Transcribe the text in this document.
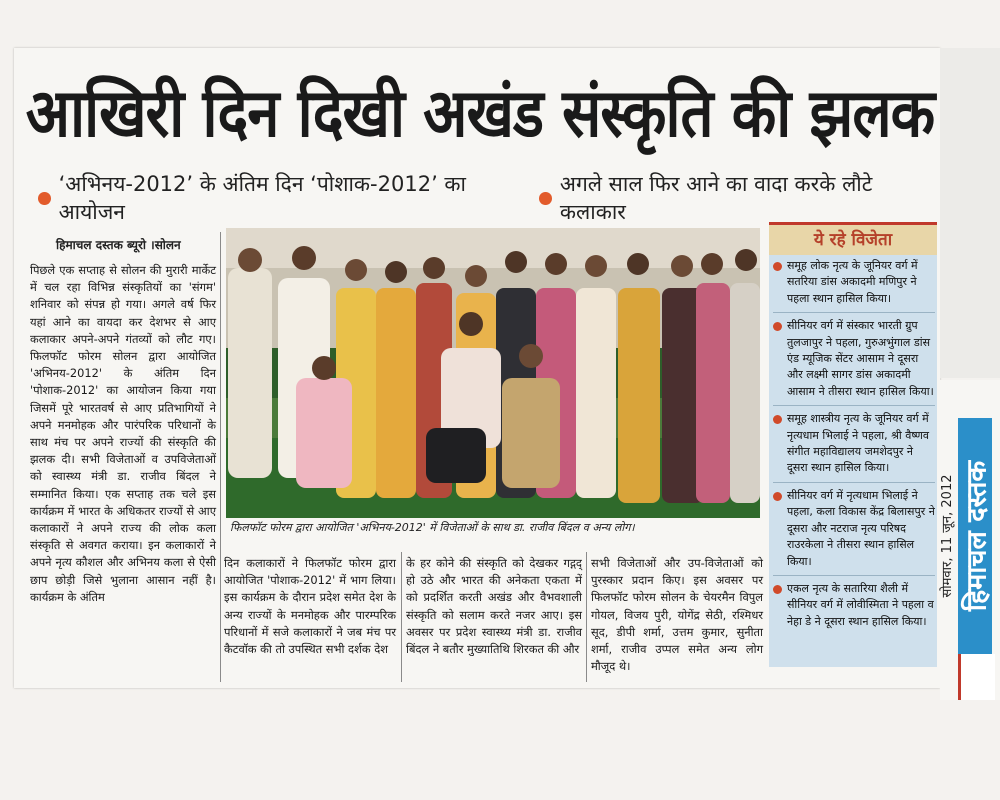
आखिरी दिन दिखी अखंड संस्कृति की झलक
‘अभिनय-2012’ के अंतिम दिन ‘पोशाक-2012’ का आयोजन
अगले साल फिर आने का वादा करके लौटे कलाकार
हिमाचल दस्तक ब्यूरो ।सोलन

पिछले एक सप्ताह से सोलन की मुरारी मार्केट में चल रहा विभिन्न संस्कृतियों का 'संगम' शनिवार को संपन्न हो गया। अगले वर्ष फिर यहां आने का वायदा कर देशभर से आए कलाकार अपने-अपने गंतव्यों को लौट गए। फिलफॉट फोरम सोलन द्वारा आयोजित 'अभिनय-2012' के अंतिम दिन 'पोशाक-2012' का आयोजन किया गया जिसमें पूरे भारतवर्ष से आए प्रतिभागियों ने अपने मनमोहक और पारंपरिक परिधानों के साथ मंच पर अपने राज्यों की संस्कृति की झलक दी। सभी विजेताओं व उपविजेताओं को स्वास्थ्य मंत्री डा. राजीव बिंदल ने सम्मानित किया। एक सप्ताह तक चले इस कार्यक्रम में भारत के अधिकतर राज्यों से आए कलाकारों ने अपने राज्य की लोक कला संस्कृति से अवगत कराया। इन कलाकारों ने अपने नृत्य कौशल और अभिनय कला से ऐसी छाप छोड़ी जिसे भुलाना आसान नहीं है। कार्यक्रम के अंतिम

फिलफॉट फोरम द्वारा आयोजित 'अभिनय-2012' में विजेताओं के साथ डा. राजीव बिंदल व अन्य लोग।

दिन कलाकारों ने फिलफॉट फोरम द्वारा आयोजित 'पोशाक-2012' में भाग लिया। इस कार्यक्रम के दौरान प्रदेश समेत देश के अन्य राज्यों के मनमोहक और पारम्परिक परिधानों में सजे कलाकारों ने जब मंच पर कैटवॉक की तो उपस्थित सभी दर्शक देश

के हर कोने की संस्कृति को देखकर गद्गद् हो उठे और भारत की अनेकता एकता में को प्रदर्शित करती अखंड और वैभवशाली संस्कृति को सलाम करते नजर आए। इस अवसर पर प्रदेश स्वास्थ्य मंत्री डा. राजीव बिंदल ने बतौर मुख्यातिथि शिरकत की और

सभी विजेताओं और उप-विजेताओं को पुरस्कार प्रदान किए। इस अवसर पर फिलफॉट फोरम सोलन के चेयरमैन विपुल गोयल, विजय पुरी, योगेंद्र सेठी, रश्मिधर सूद, डीपी शर्मा, उत्तम कुमार, सुनीता शर्मा, राजीव उप्पल समेत अन्य लोग मौजूद थे।

ये रहे विजेता
समूह लोक नृत्य के जूनियर वर्ग में सतरिया डांस अकादमी मणिपुर ने पहला स्थान हासिल किया।
सीनियर वर्ग में संस्कार भारती ग्रुप तुलजापुर ने पहला, गुरुअभुंगाल डांस एंड म्यूजिक सेंटर आसाम ने दूसरा और लक्ष्मी सागर डांस अकादमी आसाम ने तीसरा स्थान हासिल किया।
समूह शास्त्रीय नृत्य के जूनियर वर्ग में नृत्यधाम भिलाई ने पहला, श्री वैष्णव संगीत महाविद्यालय जमशेदपुर ने दूसरा स्थान हासिल किया।
सीनियर वर्ग में नृत्यधाम भिलाई ने पहला, कला विकास केंद्र बिलासपुर ने दूसरा और नटराज नृत्य परिषद राउरकेला ने तीसरा स्थान हासिल किया।
एकल नृत्य के सतारिया शैली में सीनियर वर्ग में लोवीस्मिता ने पहला व नेहा डे ने दूसरा स्थान हासिल किया।
हिमाचल दस्तक
सोमवार, 11 जून, 2012
